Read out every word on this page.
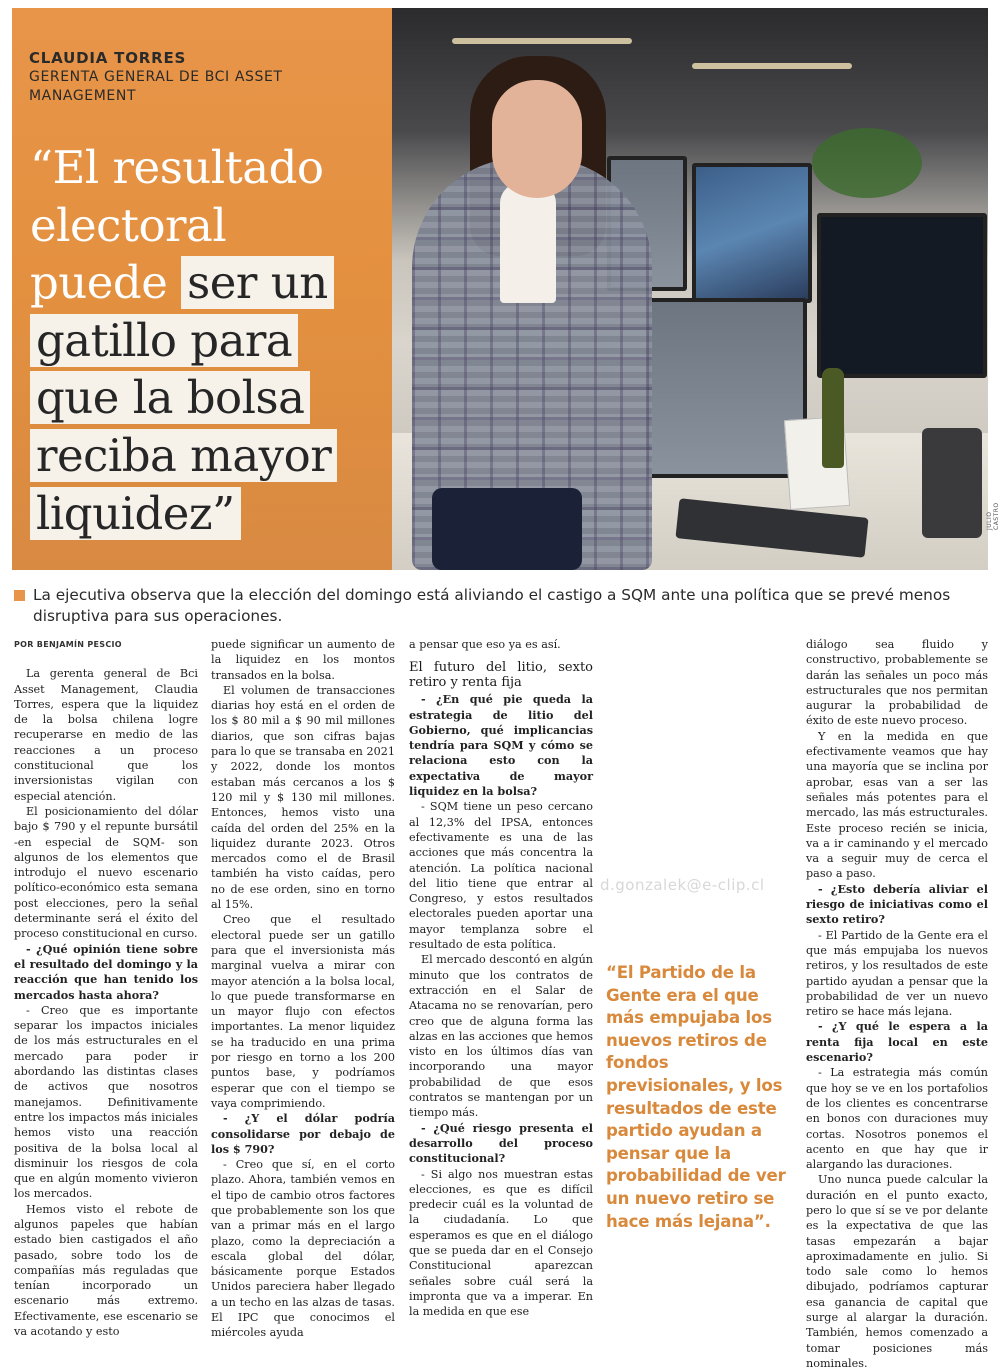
JULIO CASTRO
CLAUDIA TORRES
GERENTA GENERAL DE BCI ASSET MANAGEMENT
“El resultado
electoral
puede ser un
gatillo para
que la bolsa
reciba mayor
liquidez”
La ejecutiva observa que la elección del domingo está aliviando el castigo a SQM ante una política que se prevé menos disruptiva para sus operaciones.

POR BENJAMÍN PESCIO

La gerenta general de Bci Asset Management, Claudia Torres, espera que la liquidez de la bolsa chilena logre recuperarse en medio de las reacciones a un proceso constitucional que los inversionistas vigilan con especial atención.

El posicionamiento del dólar bajo $ 790 y el repunte bursátil -en especial de SQM- son algunos de los elementos que introdujo el nuevo escenario político-económico esta semana post elecciones, pero la señal determinante será el éxito del proceso constitucional en curso.

- ¿Qué opinión tiene sobre el resultado del domingo y la reacción que han tenido los mercados hasta ahora?

- Creo que es importante separar los impactos iniciales de los más estructurales en el mercado para poder ir abordando las distintas clases de activos que nosotros manejamos. Definitivamente entre los impactos más iniciales hemos visto una reacción positiva de la bolsa local al disminuir los riesgos de cola que en algún momento vivieron los mercados.

Hemos visto el rebote de algunos papeles que habían estado bien castigados el año pasado, sobre todo los de compañías más reguladas que tenían incorporado un escenario más extremo. Efectivamente, ese escenario se va acotando y esto

puede significar un aumento de la liquidez en los montos transados en la bolsa.

El volumen de transacciones diarias hoy está en el orden de los $ 80 mil a $ 90 mil millones diarios, que son cifras bajas para lo que se transaba en 2021 y 2022, donde los montos estaban más cercanos a los $ 120 mil y $ 130 mil millones. Entonces, hemos visto una caída del orden del 25% en la liquidez durante 2023. Otros mercados como el de Brasil también ha visto caídas, pero no de ese orden, sino en torno al 15%.

Creo que el resultado electoral puede ser un gatillo para que el inversionista más marginal vuelva a mirar con mayor atención a la bolsa local, lo que puede transformarse en un mayor flujo con efectos importantes. La menor liquidez se ha traducido en una prima por riesgo en torno a los 200 puntos base, y podríamos esperar que con el tiempo se vaya comprimiendo.

- ¿Y el dólar podría consolidarse por debajo de los $ 790?

- Creo que sí, en el corto plazo. Ahora, también vemos en el tipo de cambio otros factores que probablemente son los que van a primar más en el largo plazo, como la depreciación a escala global del dólar, básicamente porque Estados Unidos pareciera haber llegado a un techo en las alzas de tasas. El IPC que conocimos el miércoles ayuda

a pensar que eso ya es así.

El futuro del litio, sexto retiro y renta fija

- ¿En qué pie queda la estrategia de litio del Gobierno, qué implicancias tendría para SQM y cómo se relaciona esto con la expectativa de mayor liquidez en la bolsa?

- SQM tiene un peso cercano al 12,3% del IPSA, entonces efectivamente es una de las acciones que más concentra la atención. La política nacional del litio tiene que entrar al Congreso, y estos resultados electorales pueden aportar una mayor templanza sobre el resultado de esta política.

El mercado descontó en algún minuto que los contratos de extracción en el Salar de Atacama no se renovarían, pero creo que de alguna forma las alzas en las acciones que hemos visto en los últimos días van incorporando una mayor probabilidad de que esos contratos se mantengan por un tiempo más.

- ¿Qué riesgo presenta el desarrollo del proceso constitucional?

- Si algo nos muestran estas elecciones, es que es difícil predecir cuál es la voluntad de la ciudadanía. Lo que esperamos es que en el diálogo que se pueda dar en el Consejo Constitucional aparezcan señales sobre cuál será la impronta que va a imperar. En la medida en que ese

diálogo sea fluido y constructivo, probablemente se darán las señales un poco más estructurales que nos permitan augurar la probabilidad de éxito de este nuevo proceso.

Y en la medida en que efectivamente veamos que hay una mayoría que se inclina por aprobar, esas van a ser las señales más potentes para el mercado, las más estructurales. Este proceso recién se inicia, va a ir caminando y el mercado va a seguir muy de cerca el paso a paso.

- ¿Esto debería aliviar el riesgo de iniciativas como el sexto retiro?

- El Partido de la Gente era el que más empujaba los nuevos retiros, y los resultados de este partido ayudan a pensar que la probabilidad de ver un nuevo retiro se hace más lejana.

- ¿Y qué le espera a la renta fija local en este escenario?

- La estrategia más común que hoy se ve en los portafolios de los clientes es concentrarse en bonos con duraciones muy cortas. Nosotros ponemos el acento en que hay que ir alargando las duraciones.

Uno nunca puede calcular la duración en el punto exacto, pero lo que sí se ve por delante es la expectativa de que las tasas empezarán a bajar aproximadamente en julio. Si todo sale como lo hemos dibujado, podríamos capturar esa ganancia de capital que surge al alargar la duración. También, hemos comenzado a tomar posiciones más nominales.

“El Partido de la Gente era el que más empujaba los nuevos retiros de fondos previsionales, y los resultados de este partido ayudan a pensar que la probabilidad de ver un nuevo retiro se hace más lejana”.
d.gonzalek@e-clip.cl
